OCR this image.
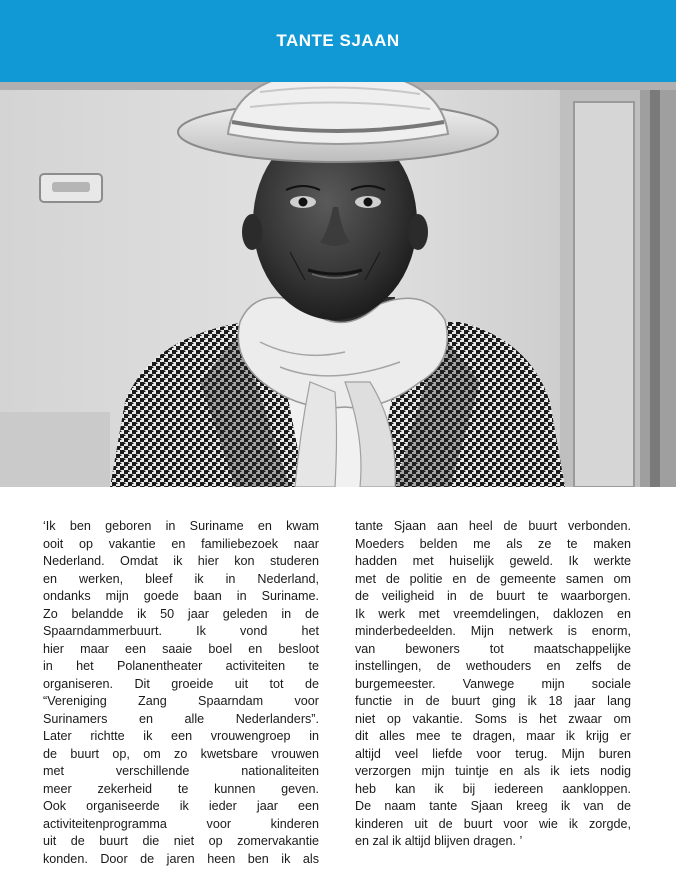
TANTE SJAAN
‘Ik ben geboren in Suriname en kwam
ooit op vakantie en familiebezoek naar
Nederland. Omdat ik hier kon studeren
en werken, bleef ik in Nederland,
ondanks mijn goede baan in Suriname.
Zo belandde ik 50 jaar geleden in de
Spaarndammerbuurt. Ik vond het
hier maar een saaie boel en besloot
in het Polanentheater activiteiten te
organiseren. Dit groeide uit tot de
“Vereniging Zang Spaarndam voor
Surinamers en alle Nederlanders”.
Later richtte ik een vrouwengroep in
de buurt op, om zo kwetsbare vrouwen
met verschillende nationaliteiten
meer zekerheid te kunnen geven.
Ook organiseerde ik ieder jaar een
activiteitenprogramma voor kinderen
uit de buurt die niet op zomervakantie
konden. Door de jaren heen ben ik als
tante Sjaan aan heel de buurt verbonden.
Moeders belden me als ze te maken
hadden met huiselijk geweld. Ik werkte
met de politie en de gemeente samen om
de veiligheid in de buurt te waarborgen.
Ik werk met vreemdelingen, daklozen en
minderbedeelden. Mijn netwerk is enorm,
van bewoners tot maatschappelijke
instellingen, de wethouders en zelfs de
burgemeester. Vanwege mijn sociale
functie in de buurt ging ik 18 jaar lang
niet op vakantie. Soms is het zwaar om
dit alles mee te dragen, maar ik krijg er
altijd veel liefde voor terug. Mijn buren
verzorgen mijn tuintje en als ik iets nodig
heb kan ik bij iedereen aankloppen.
De naam tante Sjaan kreeg ik van de
kinderen uit de buurt voor wie ik zorgde,
en zal ik altijd blijven dragen. ’
